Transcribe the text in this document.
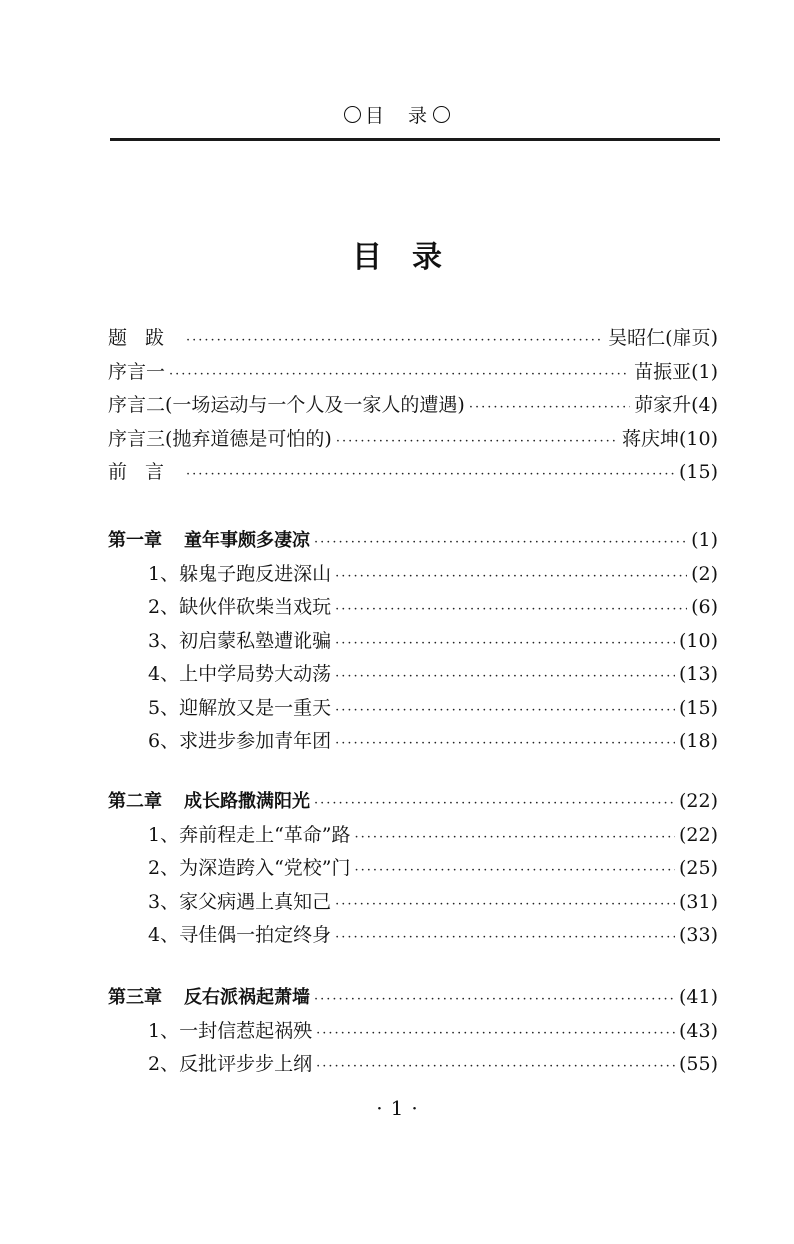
目 录
目 录
题跋 ·····	吴昭仁(扉页)
序言一 ·····	苗振亚(1)
序言二(一场运动与一个人及一家人的遭遇) ·····	茆家升(4)
序言三(抛弃道德是可怕的) ·····	蒋庆坤(10)
前言 ·····	(15)
第一章 童年事颇多凄凉 ·····	(1)
1、躲鬼子跑反进深山 ·····	(2)
2、缺伙伴砍柴当戏玩 ·····	(6)
3、初启蒙私塾遭讹骗 ·····	(10)
4、上中学局势大动荡 ·····	(13)
5、迎解放又是一重天 ·····	(15)
6、求进步参加青年团 ·····	(18)
第二章 成长路撒满阳光 ·····	(22)
1、奔前程走上“革命”路 ·····	(22)
2、为深造跨入“党校”门 ·····	(25)
3、家父病遇上真知己 ·····	(31)
4、寻佳偶一拍定终身 ·····	(33)
第三章 反右派祸起萧墙 ·····	(41)
1、一封信惹起祸殃 ·····	(43)
2、反批评步步上纲 ·····	(55)
· 1 ·
